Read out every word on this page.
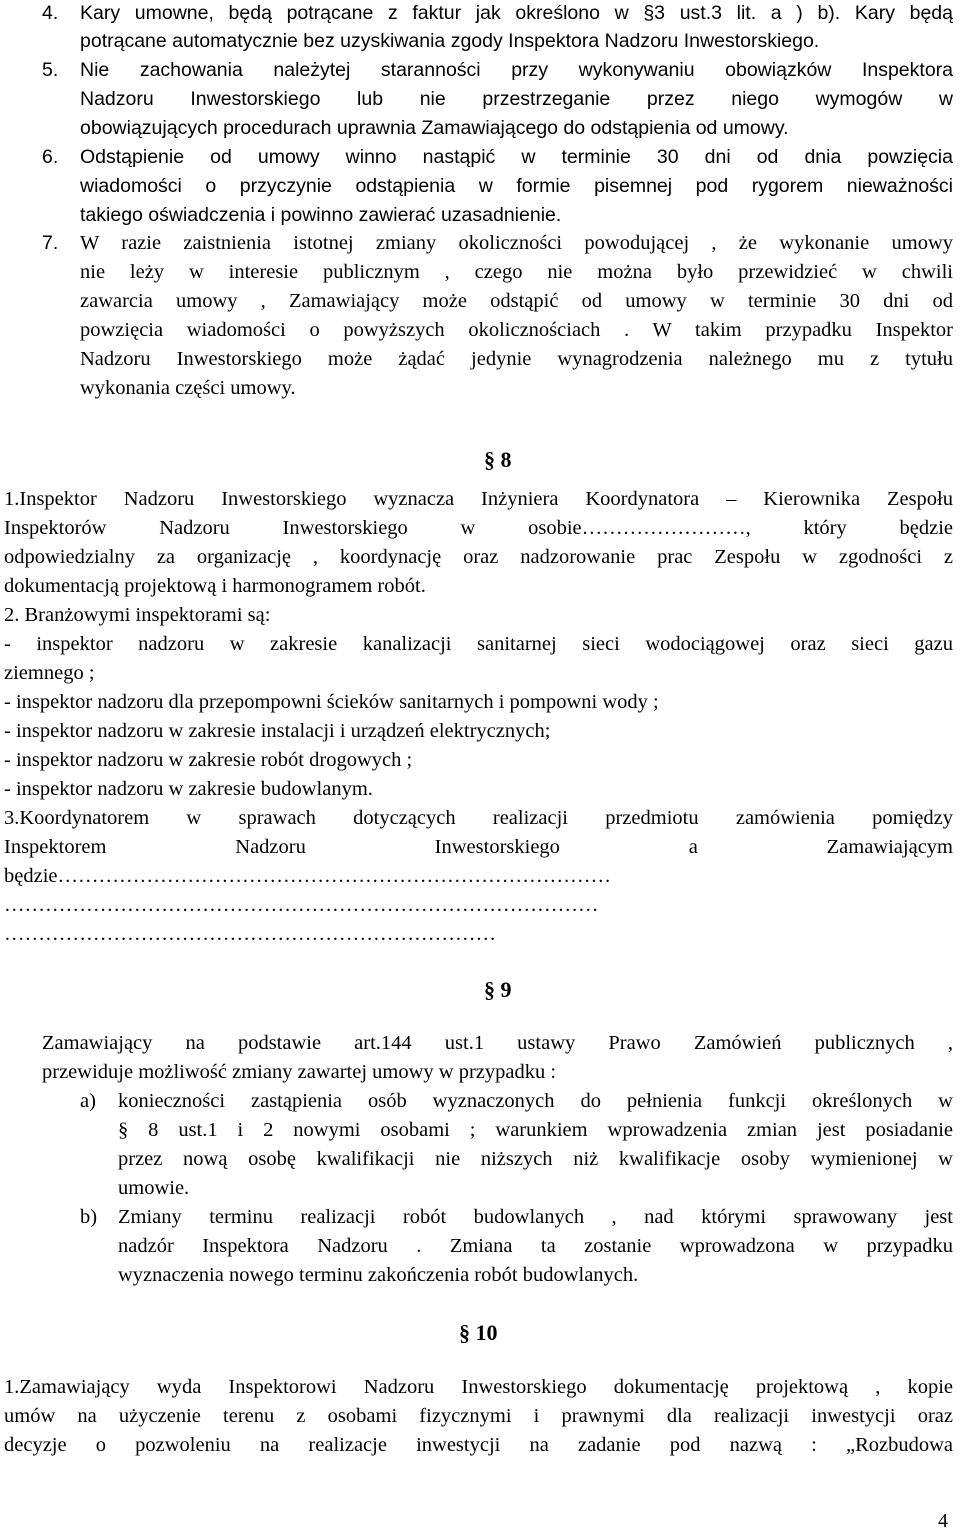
4. Kary umowne, będą potrącane z faktur jak określono w §3 ust.3 lit. a ) b). Kary będą
potrącane automatycznie bez uzyskiwania zgody Inspektora Nadzoru Inwestorskiego.
5. Nie zachowania należytej staranności przy wykonywaniu obowiązków Inspektora
Nadzoru Inwestorskiego lub nie przestrzeganie przez niego wymogów w
obowiązujących procedurach uprawnia Zamawiającego do odstąpienia od umowy.
6. Odstąpienie od umowy winno nastąpić w terminie 30 dni od dnia powzięcia
wiadomości o przyczynie odstąpienia w formie pisemnej pod rygorem nieważności
takiego oświadczenia i powinno zawierać uzasadnienie.
7. W razie zaistnienia istotnej zmiany okoliczności powodującej , że wykonanie umowy
nie leży w interesie publicznym , czego nie można było przewidzieć w chwili
zawarcia umowy , Zamawiający może odstąpić od umowy w terminie 30 dni od
powzięcia wiadomości o powyższych okolicznościach . W takim przypadku Inspektor
Nadzoru Inwestorskiego może żądać jedynie wynagrodzenia należnego mu z tytułu
wykonania części umowy.
§ 8
1.Inspektor Nadzoru Inwestorskiego wyznacza Inżyniera Koordynatora – Kierownika Zespołu
Inspektorów Nadzoru Inwestorskiego w osobie……………………, który będzie
odpowiedzialny za organizację , koordynację oraz nadzorowanie prac Zespołu w zgodności z
dokumentacją projektową i harmonogramem robót.
2. Branżowymi inspektorami są:
- inspektor nadzoru w zakresie kanalizacji sanitarnej sieci wodociągowej oraz sieci gazu
ziemnego ;
- inspektor nadzoru dla przepompowni ścieków sanitarnych i pompowni wody ;
- inspektor nadzoru w zakresie instalacji i urządzeń elektrycznych;
- inspektor nadzoru w zakresie robót drogowych ;
- inspektor nadzoru w zakresie budowlanym.
3.Koordynatorem w sprawach dotyczących realizacji przedmiotu zamówienia pomiędzy
Inspektorem Nadzoru Inwestorskiego a Zamawiającym
będzie………………………………………………………………………
……………………………………………………………………………
………………………………………………………………
§ 9
Zamawiający na podstawie art.144 ust.1 ustawy Prawo Zamówień publicznych ,
przewiduje możliwość zmiany zawartej umowy w przypadku :
a) konieczności zastąpienia osób wyznaczonych do pełnienia funkcji określonych w
§ 8 ust.1 i 2 nowymi osobami ; warunkiem wprowadzenia zmian jest posiadanie
przez nową osobę kwalifikacji nie niższych niż kwalifikacje osoby wymienionej w
umowie.
b) Zmiany terminu realizacji robót budowlanych , nad którymi sprawowany jest
nadzór Inspektora Nadzoru . Zmiana ta zostanie wprowadzona w przypadku
wyznaczenia nowego terminu zakończenia robót budowlanych.
§ 10
1.Zamawiający wyda Inspektorowi Nadzoru Inwestorskiego dokumentację projektową , kopie
umów na użyczenie terenu z osobami fizycznymi i prawnymi dla realizacji inwestycji oraz
decyzje o pozwoleniu na realizacje inwestycji na zadanie pod nazwą : „Rozbudowa
4
